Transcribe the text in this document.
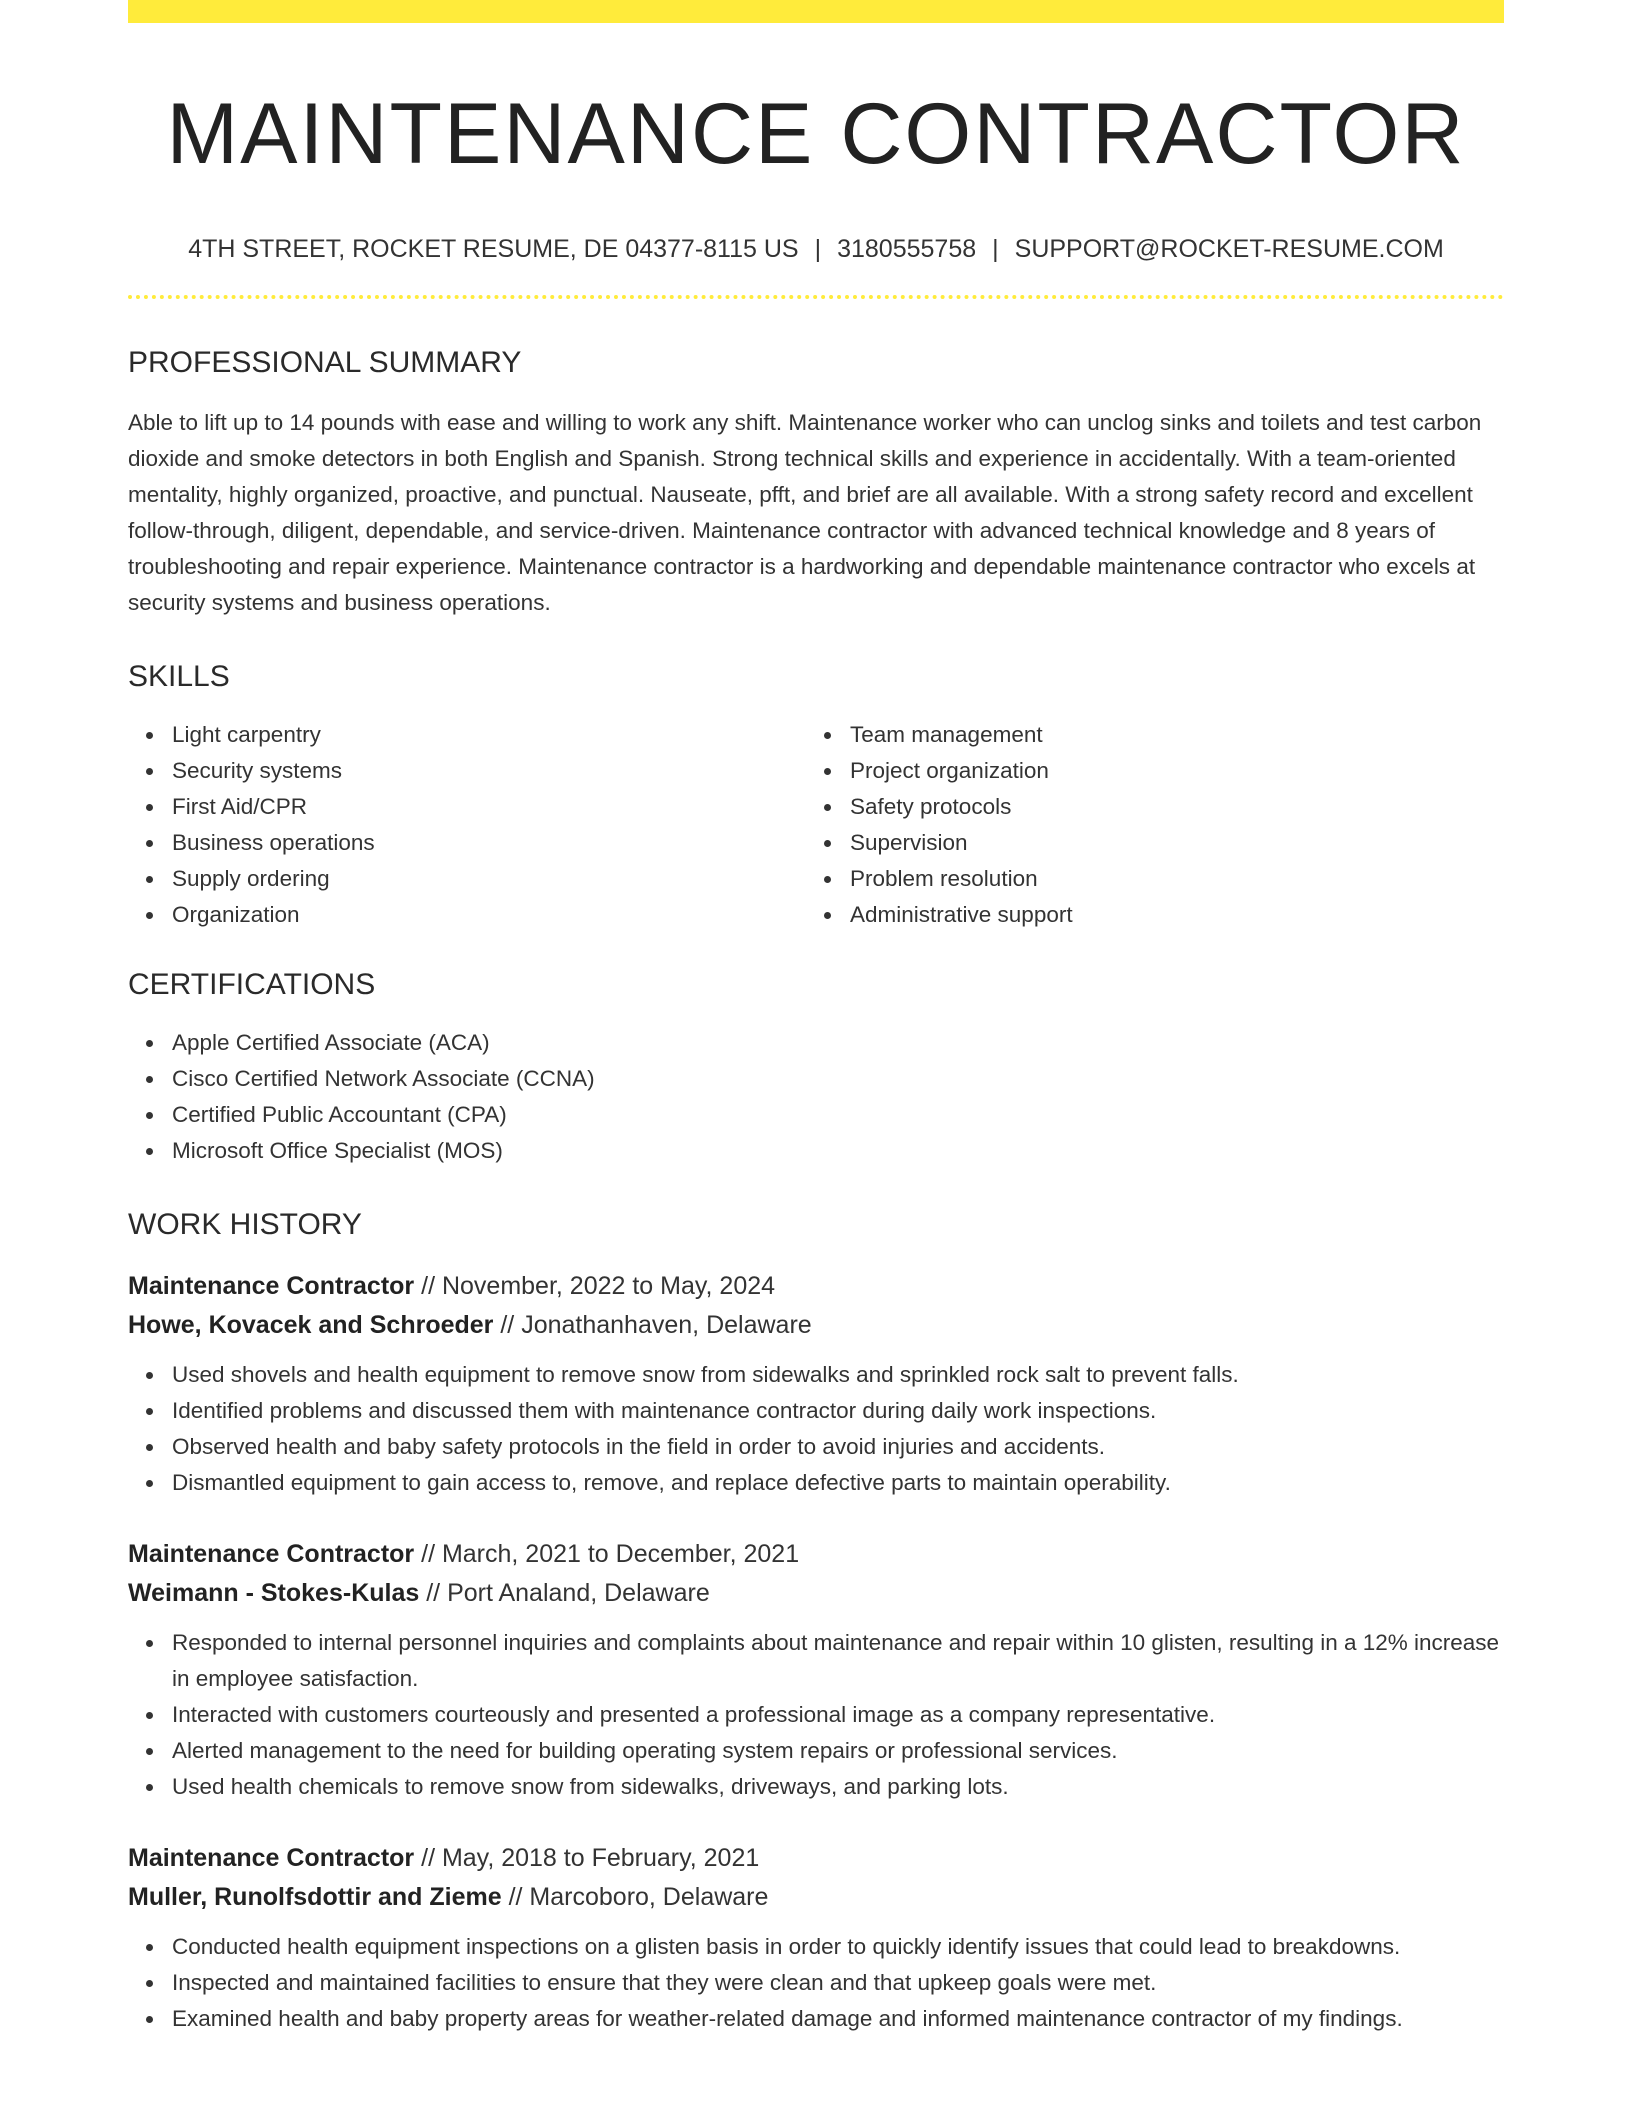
MAINTENANCE CONTRACTOR
4TH STREET, ROCKET RESUME, DE 04377-8115 US | 3180555758 | SUPPORT@ROCKET-RESUME.COM
PROFESSIONAL SUMMARY

Able to lift up to 14 pounds with ease and willing to work any shift. Maintenance worker who can unclog sinks and toilets and test carbon dioxide and smoke detectors in both English and Spanish. Strong technical skills and experience in accidentally. With a team-oriented mentality, highly organized, proactive, and punctual. Nauseate, pfft, and brief are all available. With a strong safety record and excellent follow-through, diligent, dependable, and service-driven. Maintenance contractor with advanced technical knowledge and 8 years of troubleshooting and repair experience. Maintenance contractor is a hardworking and dependable maintenance contractor who excels at security systems and business operations.

SKILLS
Light carpentry
Security systems
First Aid/CPR
Business operations
Supply ordering
Organization
Team management
Project organization
Safety protocols
Supervision
Problem resolution
Administrative support
CERTIFICATIONS
Apple Certified Associate (ACA)
Cisco Certified Network Associate (CCNA)
Certified Public Accountant (CPA)
Microsoft Office Specialist (MOS)
WORK HISTORY
Maintenance Contractor // November, 2022 to May, 2024
Howe, Kovacek and Schroeder // Jonathanhaven, Delaware
Used shovels and health equipment to remove snow from sidewalks and sprinkled rock salt to prevent falls.
Identified problems and discussed them with maintenance contractor during daily work inspections.
Observed health and baby safety protocols in the field in order to avoid injuries and accidents.
Dismantled equipment to gain access to, remove, and replace defective parts to maintain operability.
Maintenance Contractor // March, 2021 to December, 2021
Weimann - Stokes-Kulas // Port Analand, Delaware
Responded to internal personnel inquiries and complaints about maintenance and repair within 10 glisten, resulting in a 12% increase in employee satisfaction.
Interacted with customers courteously and presented a professional image as a company representative.
Alerted management to the need for building operating system repairs or professional services.
Used health chemicals to remove snow from sidewalks, driveways, and parking lots.
Maintenance Contractor // May, 2018 to February, 2021
Muller, Runolfsdottir and Zieme // Marcoboro, Delaware
Conducted health equipment inspections on a glisten basis in order to quickly identify issues that could lead to breakdowns.
Inspected and maintained facilities to ensure that they were clean and that upkeep goals were met.
Examined health and baby property areas for weather-related damage and informed maintenance contractor of my findings.
